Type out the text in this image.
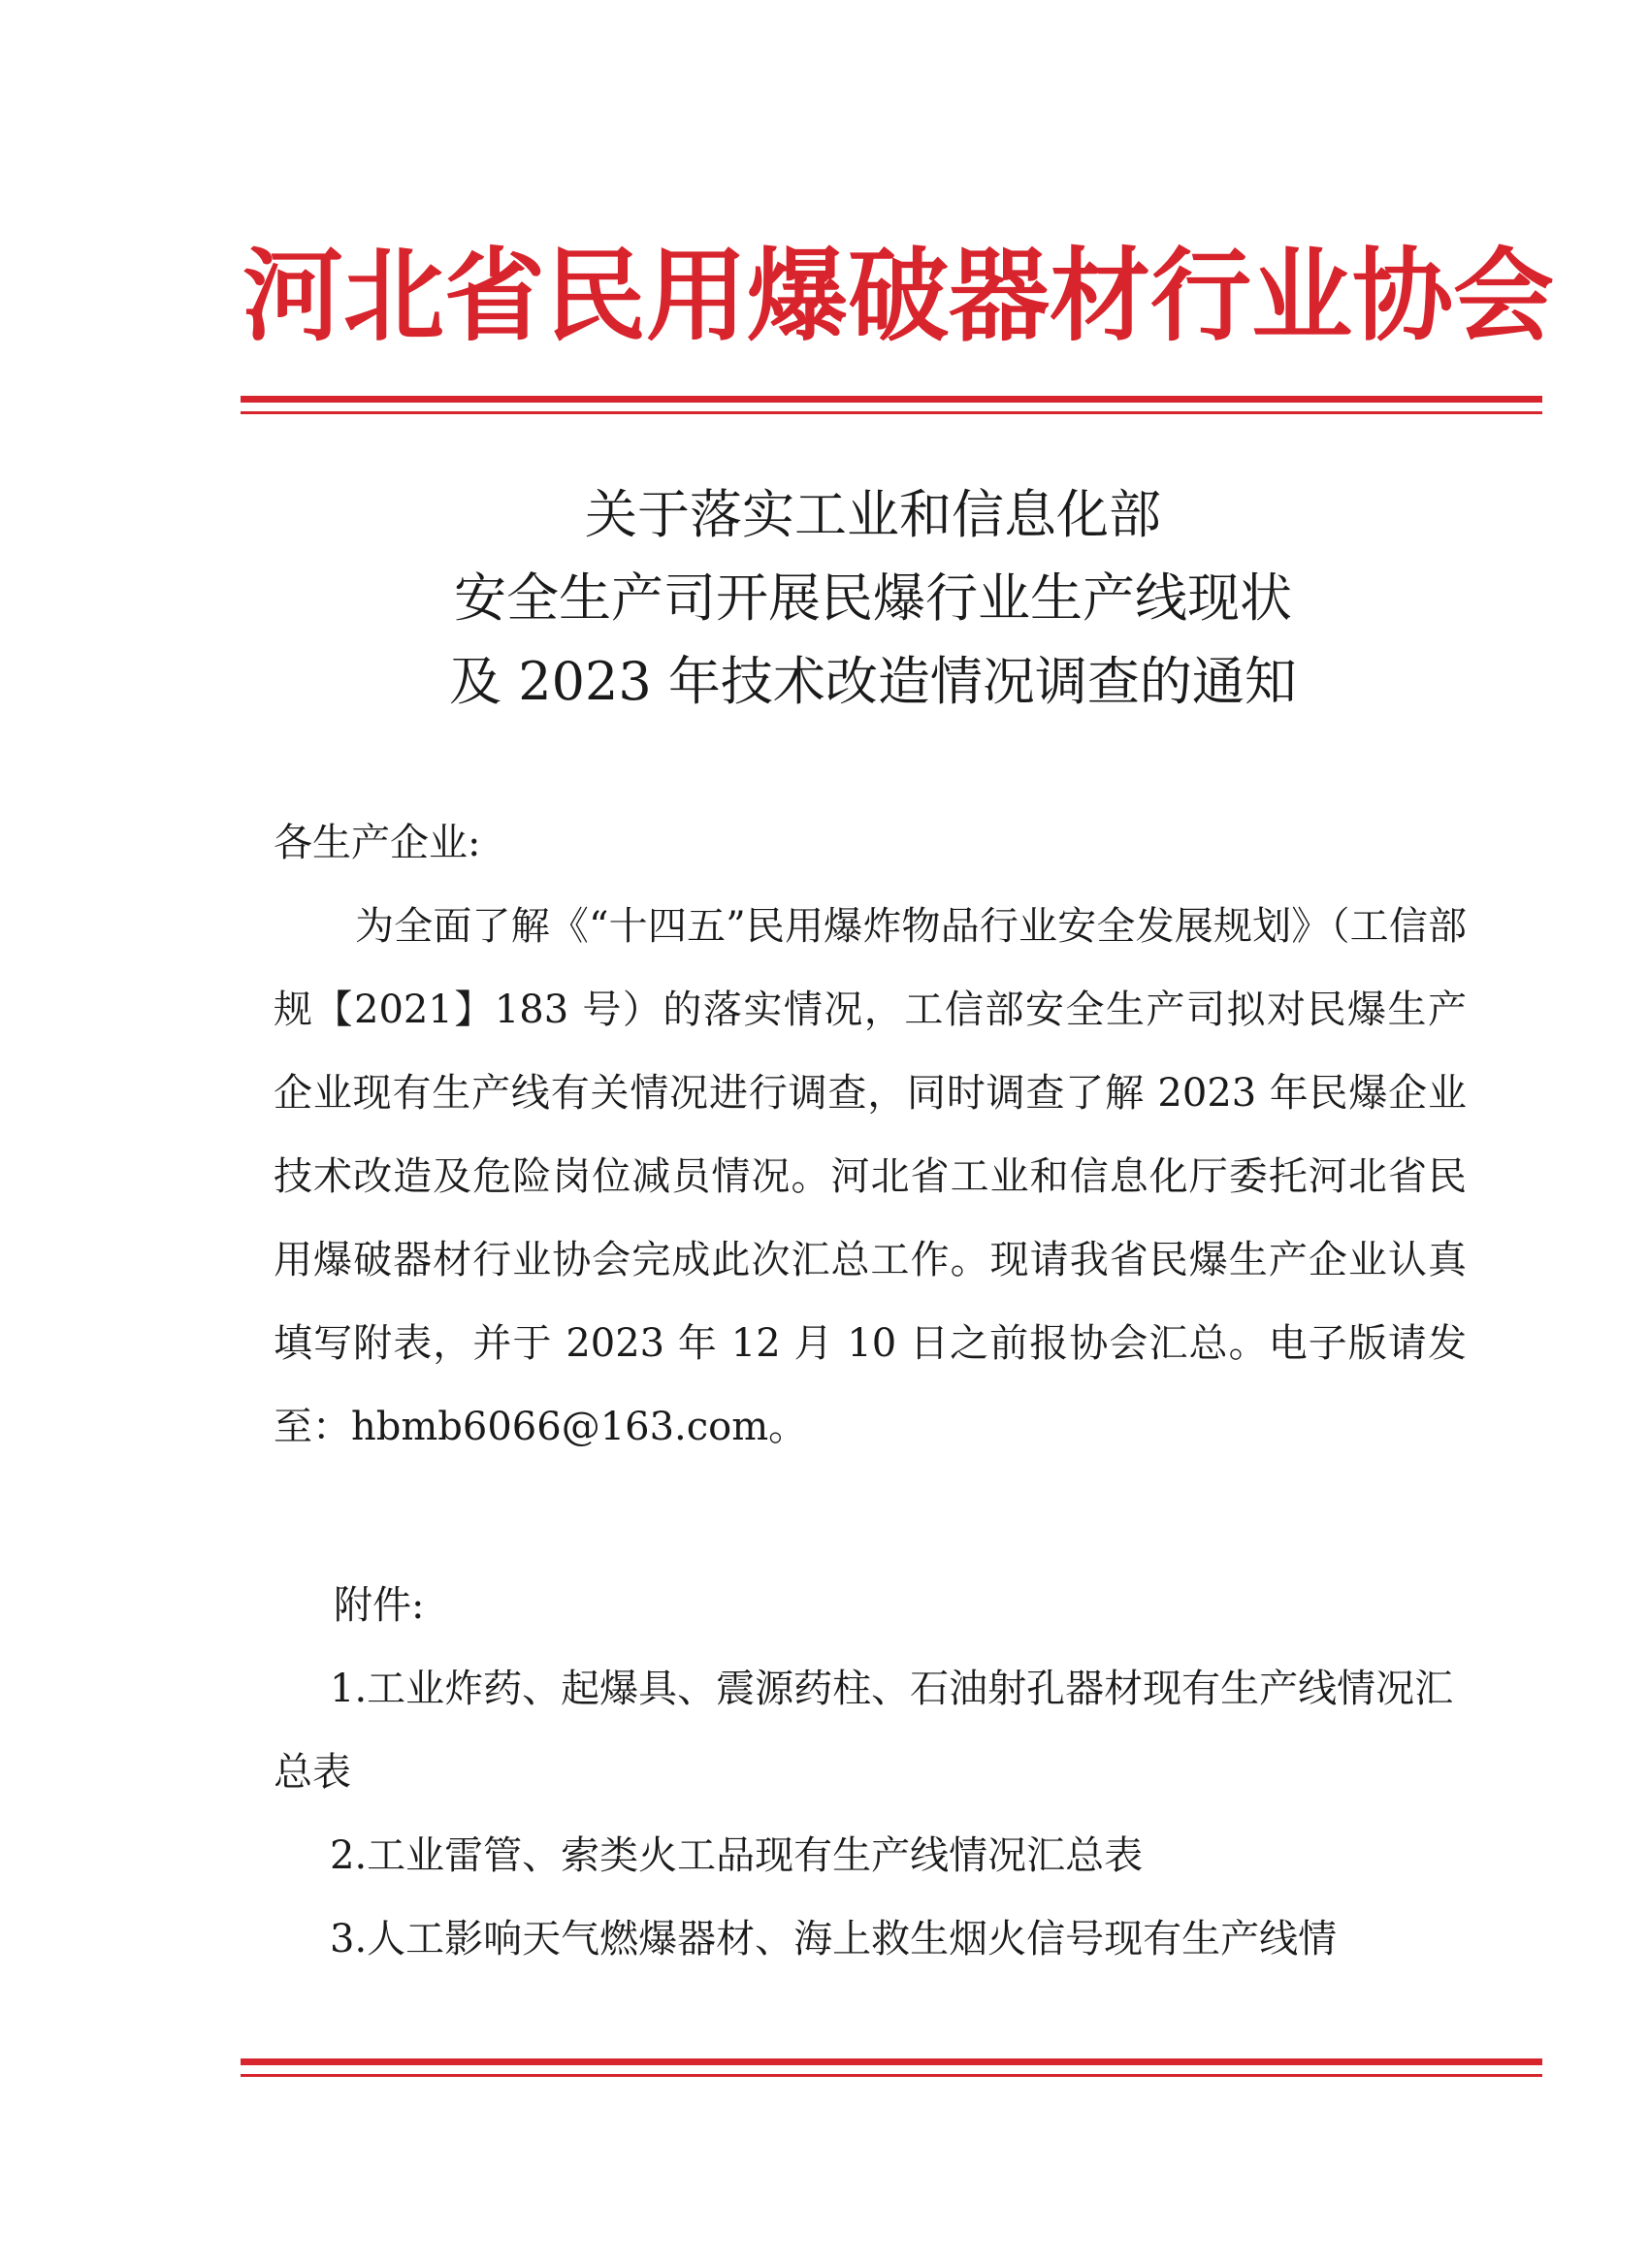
河北省民用爆破器材行业协会
关于落实工业和信息化部
安全生产司开展民爆行业生产线现状
及 2023 年技术改造情况调查的通知
各生产企业:
为全面了解《“十四五”民用爆炸物品行业安全发展规划》（工信部规【2021】183 号）的落实情况，工信部安全生产司拟对民爆生产企业现有生产线有关情况进行调查，同时调查了解 2023 年民爆企业技术改造及危险岗位减员情况。河北省工业和信息化厅委托河北省民用爆破器材行业协会完成此次汇总工作。现请我省民爆生产企业认真填写附表，并于 2023 年 12 月 10 日之前报协会汇总。电子版请发至：hbmb6066@163.com。
附件:
1.工业炸药、起爆具、震源药柱、石油射孔器材现有生产线情况汇总表
2.工业雷管、索类火工品现有生产线情况汇总表
3.人工影响天气燃爆器材、海上救生烟火信号现有生产线情
